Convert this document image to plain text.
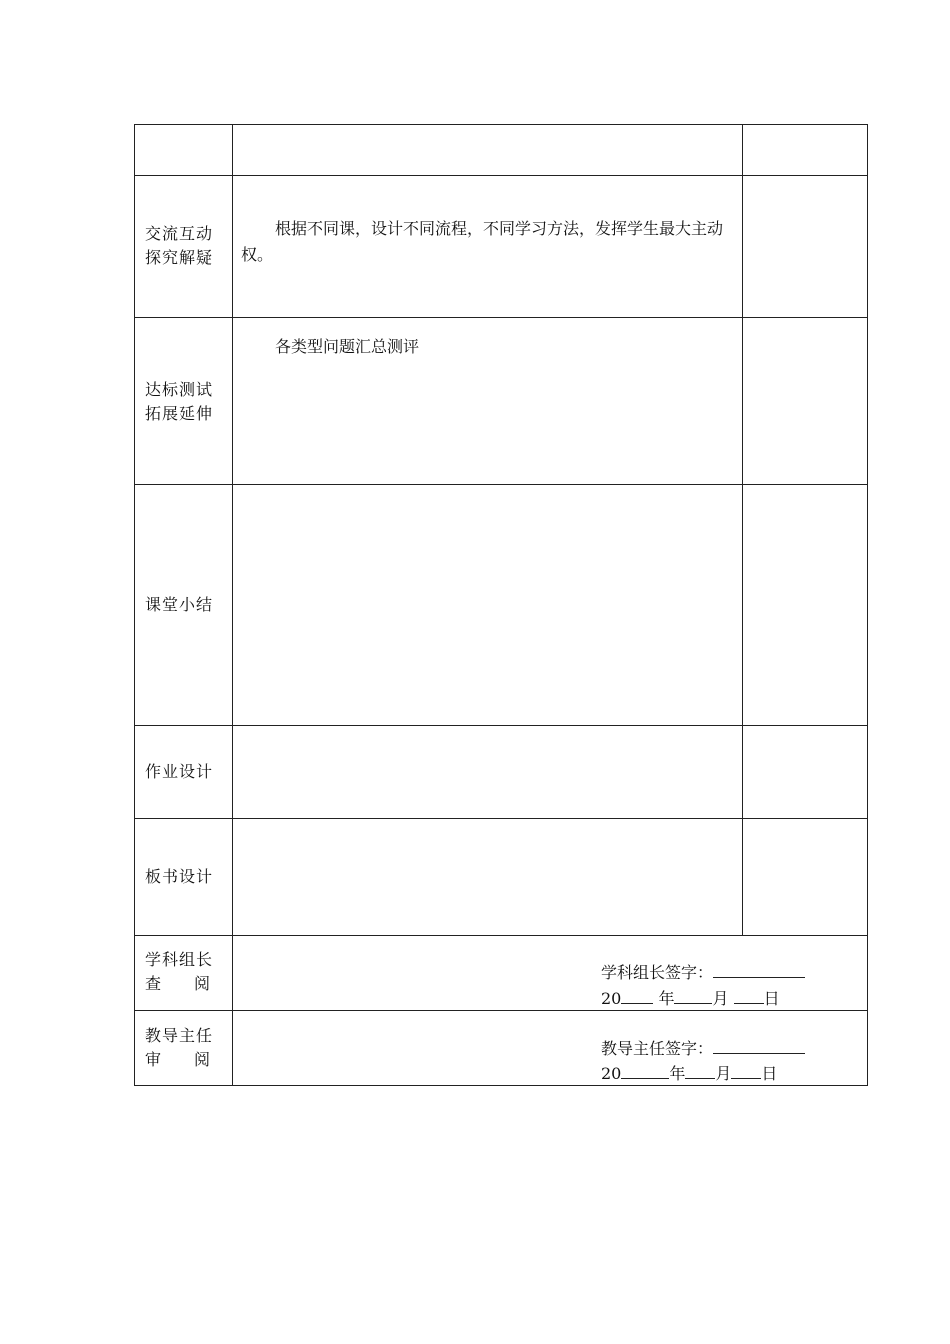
交流互动
探究解疑
根据不同课，设计不同流程，不同学习方法，发挥学生最大主动权。
达标测试
拓展延伸
各类型问题汇总测评
课堂小结
作业设计
板书设计
学科组长
查 阅
学科组长签字：
20 年 月 日
教导主任
审 阅
教导主任签字：
20	年 月 日
